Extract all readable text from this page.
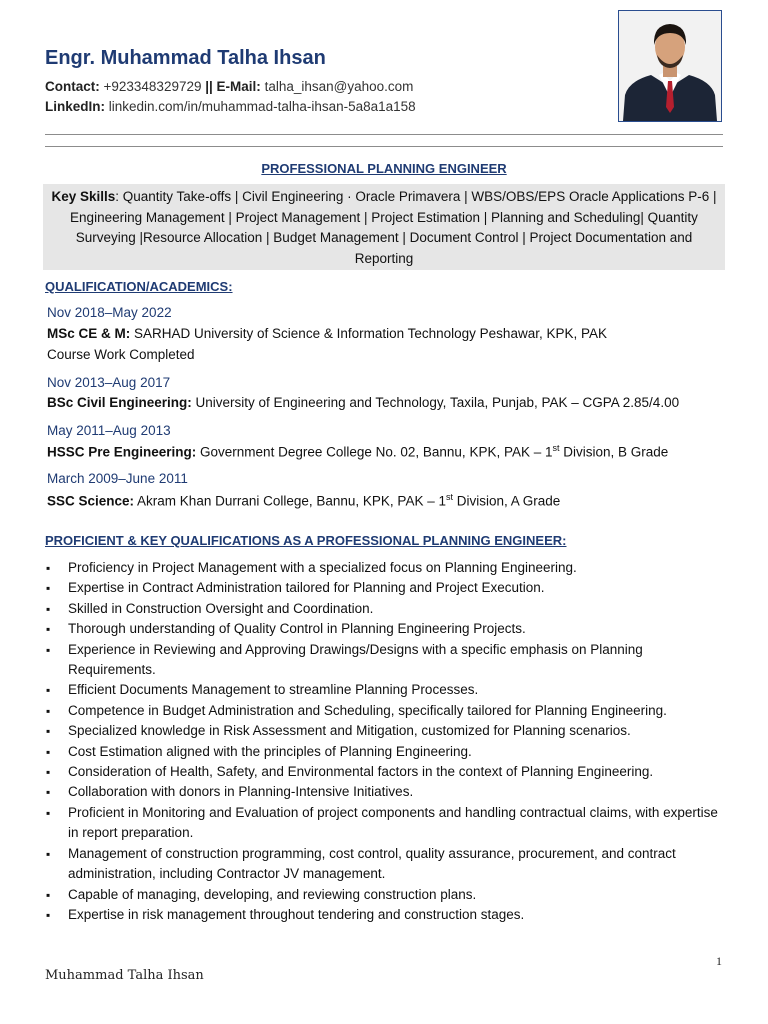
Engr. Muhammad Talha Ihsan
Contact: +923348329729 || E-Mail: talha_ihsan@yahoo.com
LinkedIn: linkedin.com/in/muhammad-talha-ihsan-5a8a1a158
PROFESSIONAL PLANNING ENGINEER
Key Skills: Quantity Take-offs | Civil Engineering · Oracle Primavera | WBS/OBS/EPS Oracle Applications P-6 | Engineering Management | Project Management | Project Estimation | Planning and Scheduling| Quantity Surveying |Resource Allocation | Budget Management | Document Control | Project Documentation and Reporting
QUALIFICATION/ACADEMICS:
Nov 2018–May 2022
MSc CE & M: SARHAD University of Science & Information Technology Peshawar, KPK, PAK
Course Work Completed
Nov 2013–Aug 2017
BSc Civil Engineering: University of Engineering and Technology, Taxila, Punjab, PAK – CGPA 2.85/4.00
May 2011–Aug 2013
HSSC Pre Engineering: Government Degree College No. 02, Bannu, KPK, PAK – 1st Division, B Grade
March 2009–June 2011
SSC Science: Akram Khan Durrani College, Bannu, KPK, PAK – 1st Division, A Grade
PROFICIENT & KEY QUALIFICATIONS AS A PROFESSIONAL PLANNING ENGINEER:
▪ Proficiency in Project Management with a specialized focus on Planning Engineering.
▪ Expertise in Contract Administration tailored for Planning and Project Execution.
▪ Skilled in Construction Oversight and Coordination.
▪ Thorough understanding of Quality Control in Planning Engineering Projects.
▪ Experience in Reviewing and Approving Drawings/Designs with a specific emphasis on Planning Requirements.
▪ Efficient Documents Management to streamline Planning Processes.
▪ Competence in Budget Administration and Scheduling, specifically tailored for Planning Engineering.
▪ Specialized knowledge in Risk Assessment and Mitigation, customized for Planning scenarios.
▪ Cost Estimation aligned with the principles of Planning Engineering.
▪ Consideration of Health, Safety, and Environmental factors in the context of Planning Engineering.
▪ Collaboration with donors in Planning-Intensive Initiatives.
▪ Proficient in Monitoring and Evaluation of project components and handling contractual claims, with expertise in report preparation.
▪ Management of construction programming, cost control, quality assurance, procurement, and contract administration, including Contractor JV management.
▪ Capable of managing, developing, and reviewing construction plans.
▪ Expertise in risk management throughout tendering and construction stages.
Muhammad Talha Ihsan
1
